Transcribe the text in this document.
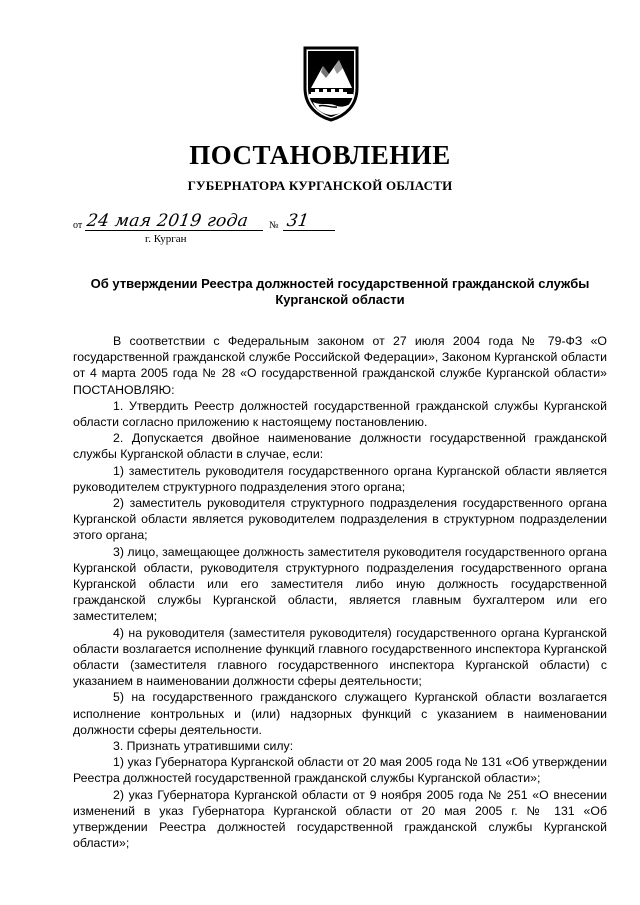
ПОСТАНОВЛЕНИЕ
ГУБЕРНАТОРА КУРГАНСКОЙ ОБЛАСТИ
от 24 мая 2019 года	№ 31
г. Курган
Об утверждении Реестра должностей государственной гражданской службы Курганской области

В соответствии с Федеральным законом от 27 июля 2004 года № 79-ФЗ «О государственной гражданской службе Российской Федерации», Законом Курганской области от 4 марта 2005 года № 28 «О государственной гражданской службе Курганской области» ПОСТАНОВЛЯЮ:

1. Утвердить Реестр должностей государственной гражданской службы Курганской области согласно приложению к настоящему постановлению.

2. Допускается двойное наименование должности государственной гражданской службы Курганской области в случае, если:

1) заместитель руководителя государственного органа Курганской области является руководителем структурного подразделения этого органа;

2) заместитель руководителя структурного подразделения государственного органа Курганской области является руководителем подразделения в структурном подразделении этого органа;

3) лицо, замещающее должность заместителя руководителя государственного органа Курганской области, руководителя структурного подразделения государственного органа Курганской области или его заместителя либо иную должность государственной гражданской службы Курганской области, является главным бухгалтером или его заместителем;

4) на руководителя (заместителя руководителя) государственного органа Курганской области возлагается исполнение функций главного государственного инспектора Курганской области (заместителя главного государственного инспектора Курганской области) с указанием в наименовании должности сферы деятельности;

5) на государственного гражданского служащего Курганской области возлагается исполнение контрольных и (или) надзорных функций с указанием в наименовании должности сферы деятельности.

3. Признать утратившими силу:

1) указ Губернатора Курганской области от 20 мая 2005 года № 131 «Об утверждении Реестра должностей государственной гражданской службы Курганской области»;

2) указ Губернатора Курганской области от 9 ноября 2005 года № 251 «О внесении изменений в указ Губернатора Курганской области от 20 мая 2005 г. № 131 «Об утверждении Реестра должностей государственной гражданской службы Курганской области»;
